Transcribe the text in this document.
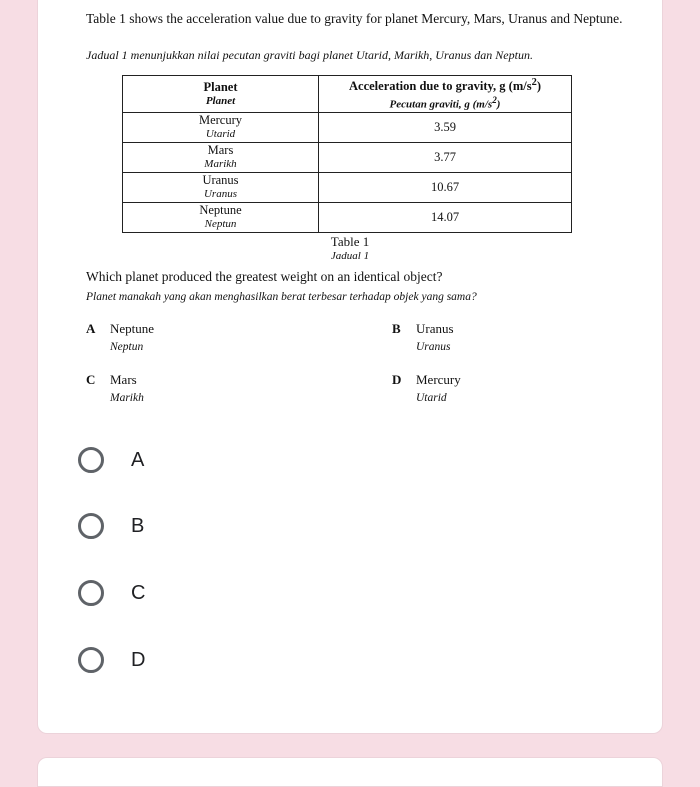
Table 1 shows the acceleration value due to gravity for planet Mercury, Mars, Uranus and Neptune.
Jadual 1 menunjukkan nilai pecutan graviti bagi planet Utarid, Marikh, Uranus dan Neptun.
Planet
Planet	Acceleration due to gravity, g $(m/s^2)$
Pecutan graviti, g $(m/s^2)$

Mercury
Utarid	3.59
Mars
Marikh	3.77
Uranus
Uranus	10.67
Neptune
Neptun	14.07
Table 1
Jadual 1
Which planet produced the greatest weight on an identical object?
Planet manakah yang akan menghasilkan berat terbesar terhadap objek yang sama?
A Neptune
Neptun
B Uranus
Uranus
C Mars
Marikh
D Mercury
Utarid
A
B
C
D
